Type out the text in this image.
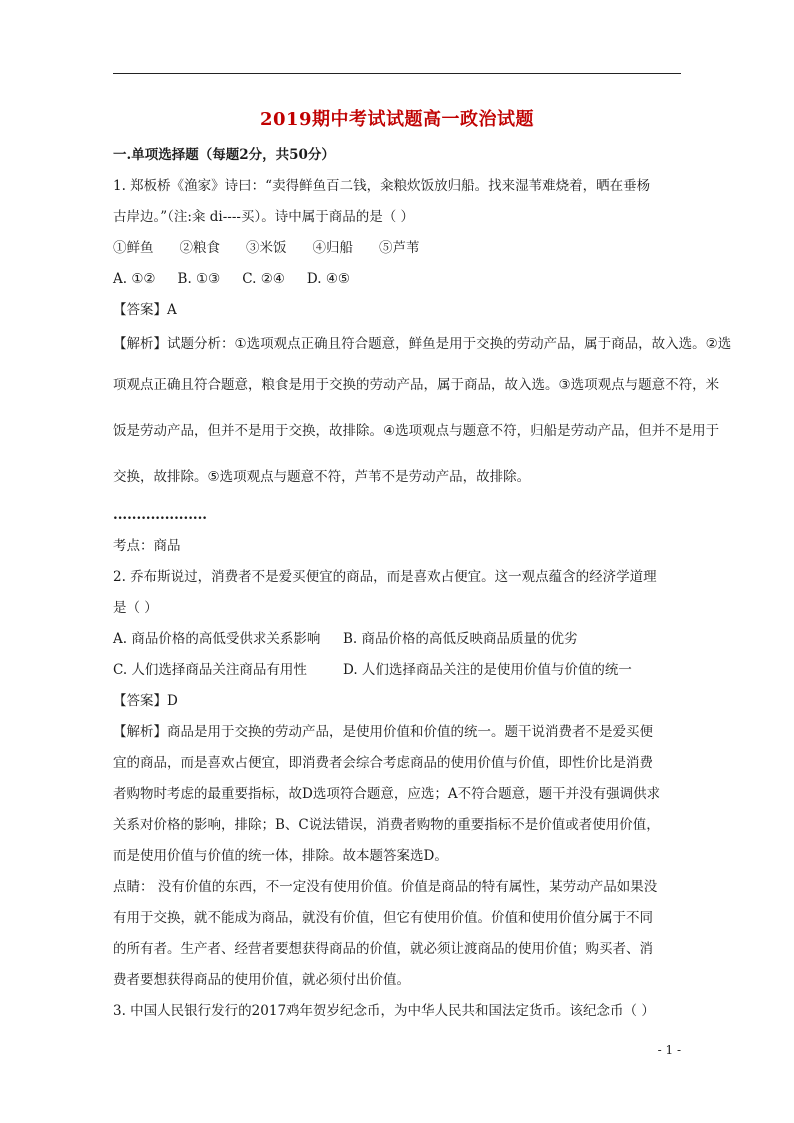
2019期中考试试题高一政治试题

一.单项选择题（每题2分，共50分）

1. 郑板桥《渔家》诗曰：“卖得鲜鱼百二钱，籴粮炊饭放归船。找来湿苇难烧着，晒在垂杨

古岸边。”（注:籴 di----买）。诗中属于商品的是（ ）

①鲜鱼 ②粮食 ③米饭 ④归船 ⑤芦苇

A. ①② B. ①③ C. ②④ D. ④⑤

【答案】A

【解析】试题分析：①选项观点正确且符合题意，鲜鱼是用于交换的劳动产品，属于商品，故入选。②选

项观点正确且符合题意，粮食是用于交换的劳动产品，属于商品，故入选。③选项观点与题意不符，米

饭是劳动产品，但并不是用于交换，故排除。④选项观点与题意不符，归船是劳动产品，但并不是用于

交换，故排除。⑤选项观点与题意不符，芦苇不是劳动产品，故排除。

....................

考点：商品

2. 乔布斯说过，消费者不是爱买便宜的商品，而是喜欢占便宜。这一观点蕴含的经济学道理

是（ ）

A. 商品价格的高低受供求关系影响	B. 商品价格的高低反映商品质量的优劣

C. 人们选择商品关注商品有用性	D. 人们选择商品关注的是使用价值与价值的统一

【答案】D

【解析】商品是用于交换的劳动产品，是使用价值和价值的统一。题干说消费者不是爱买便

宜的商品，而是喜欢占便宜，即消费者会综合考虑商品的使用价值与价值，即性价比是消费

者购物时考虑的最重要指标，故D选项符合题意，应选；A不符合题意，题干并没有强调供求

关系对价格的影响，排除；B、C说法错误，消费者购物的重要指标不是价值或者使用价值，

而是使用价值与价值的统一体，排除。故本题答案选D。

点睛： 没有价值的东西，不一定没有使用价值。价值是商品的特有属性，某劳动产品如果没

有用于交换，就不能成为商品，就没有价值，但它有使用价值。价值和使用价值分属于不同

的所有者。生产者、经营者要想获得商品的价值，就必须让渡商品的使用价值；购买者、消

费者要想获得商品的使用价值，就必须付出价值。

3. 中国人民银行发行的2017鸡年贺岁纪念币，为中华人民共和国法定货币。该纪念币（ ）

- 1 -
